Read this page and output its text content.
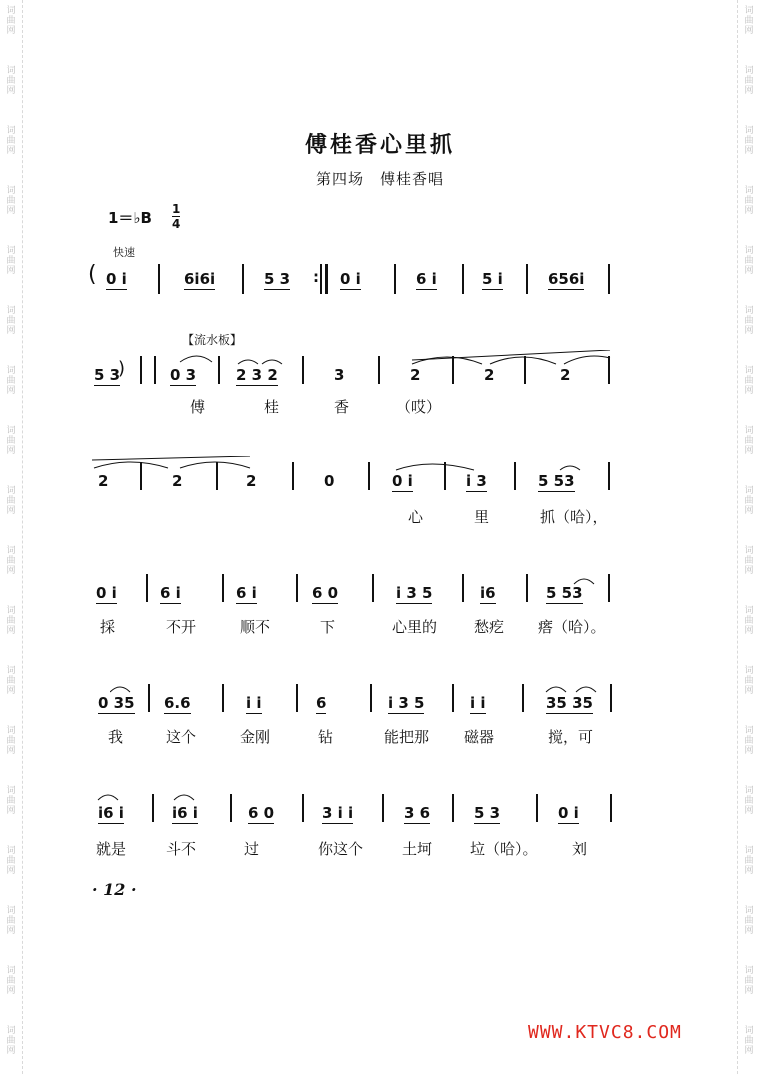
词
曲
网
词
曲
网
词
曲
网
词
曲
网
词
曲
网
词
曲
网
词
曲
网
词
曲
网
词
曲
网
词
曲
网
词
曲
网
词
曲
网
词
曲
网
词
曲
网
词
曲
网
词
曲
网
词
曲
网
词
曲
网
词
曲
网
词
曲
网
词
曲
网
词
曲
网
词
曲
网
词
曲
网
词
曲
网
词
曲
网
词
曲
网
词
曲
网
词
曲
网
词
曲
网
词
曲
网
词
曲
网
词
曲
网
词
曲
网
词
曲
网
词
曲
网
傅桂香心里抓
第四场　傅桂香唱
1＝♭B $\frac{1}{4}$
快速
【流水板】
( 0 i	6i6i	5 3 : 0 i	6 i	5 i	656i
5 3
)	0 3	2 3 2	3	2	2	2
傅	桂	香	（哎）
2	2	2	0	0 i	i 3	5 53
心	里	抓（哈），
0 i	6 i	6 i	6 0	i 3 5	i6	5 53
採	不开	顺不	下	心里的 愁疙 瘩（哈）。
0 35 6.6	i i	6	i 3 5	i i	35 35
我	这个	金刚	钻	能把那 磁器	搅，可
i6 i	i6 i	6 0	3 i i	3 6	5 3	0 i
就是	斗不	过	你这个	土坷	垃（哈）。 刘
· 12 ·
WWW.KTVC8.COM
